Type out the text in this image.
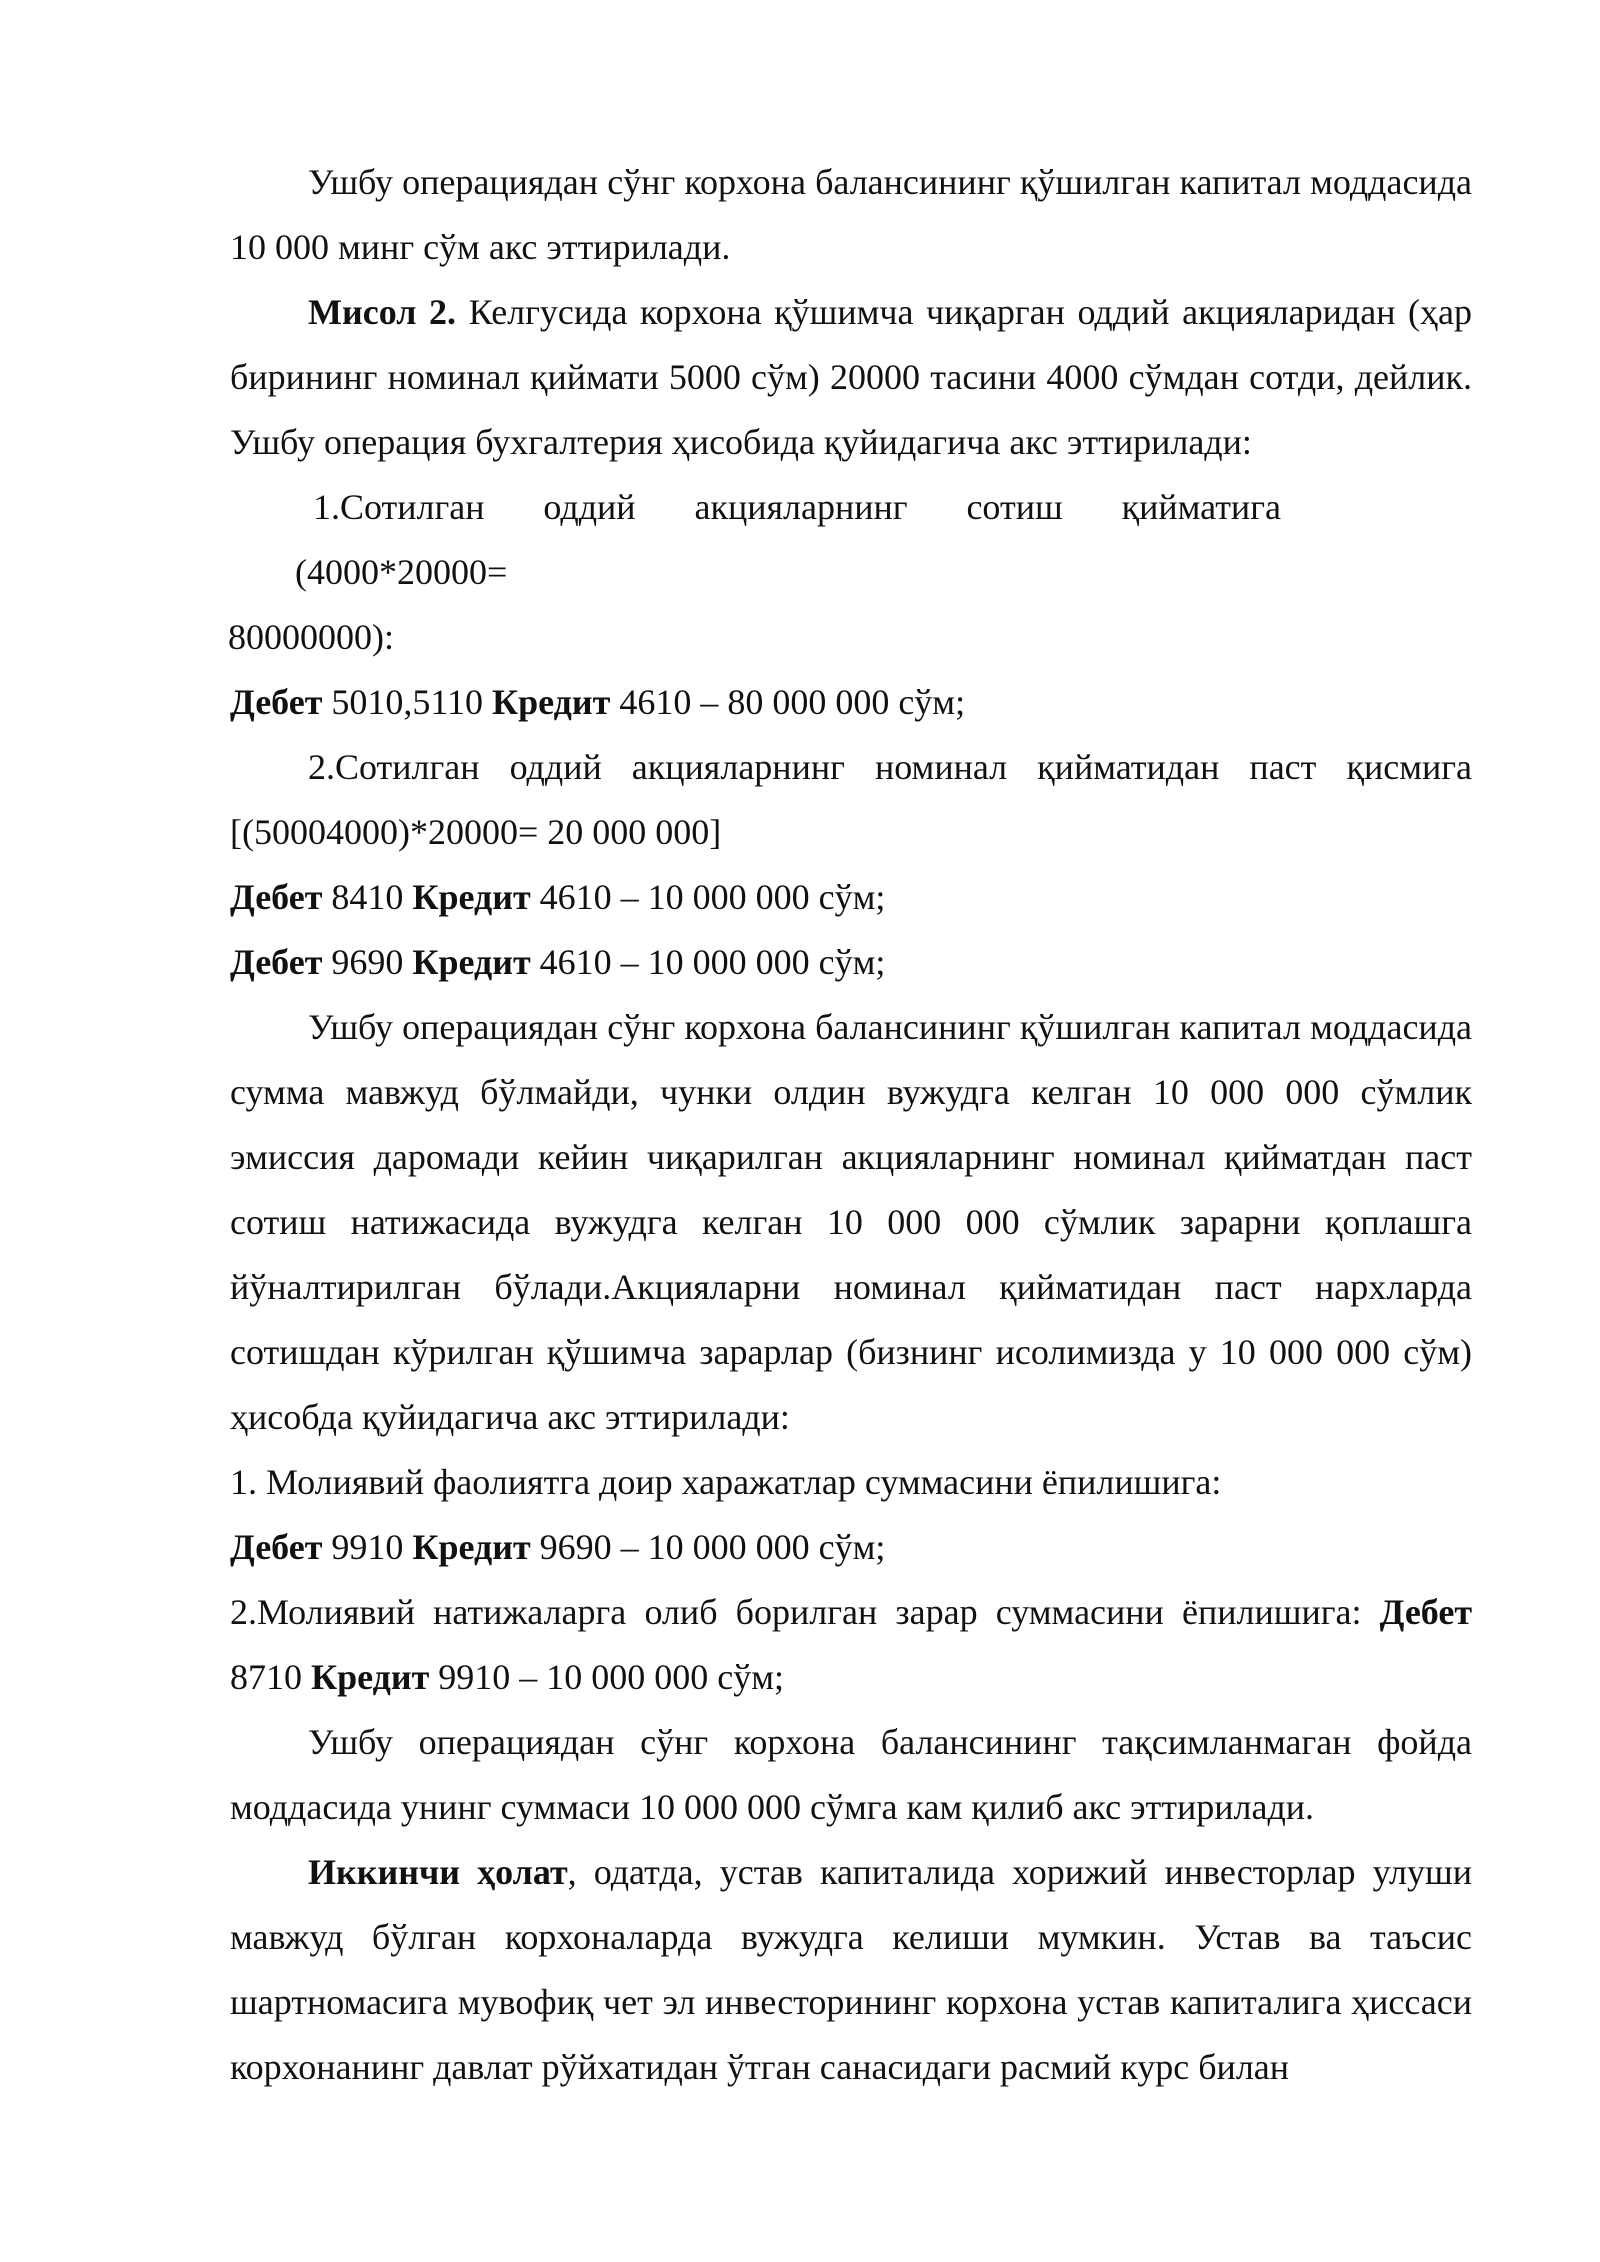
Ушбу операциядан сўнг корхона балансининг қўшилган капитал моддасида 10 000 минг сўм акс эттирилади.

Мисол 2. Келгусида корхона қўшимча чиқарган оддий акцияларидан (ҳар бирининг номинал қиймати 5000 сўм) 20000 тасини 4000 сўмдан сотди, дейлик. Ушбу операция бухгалтерия ҳисобида қуйидагича акс эттирилади:

1.Сотилган оддий акцияларнинг сотиш қийматига

(4000*20000=

80000000):

Дебет 5010,5110 Кредит 4610 – 80 000 000 сўм;

2.Сотилган оддий акцияларнинг номинал қийматидан паст қисмига [(50004000)*20000= 20 000 000]

Дебет 8410 Кредит 4610 – 10 000 000 сўм;

Дебет 9690 Кредит 4610 – 10 000 000 сўм;

Ушбу операциядан сўнг корхона балансининг қўшилган капитал моддасида сумма мавжуд бўлмайди, чунки олдин вужудга келган 10 000 000 сўмлик эмиссия даромади кейин чиқарилган акцияларнинг номинал қийматдан паст сотиш натижасида вужудга келган 10 000 000 сўмлик зарарни қоплашга йўналтирилган бўлади.Акцияларни номинал қийматидан паст нархларда сотишдан кўрилган қўшимча зарарлар (бизнинг исолимизда у 10 000 000 сўм) ҳисобда қуйидагича акс эттирилади:

1. Молиявий фаолиятга доир харажатлар суммасини ёпилишига:

Дебет 9910 Кредит 9690 – 10 000 000 сўм;

2.Молиявий натижаларга олиб борилган зарар суммасини ёпилишига: Дебет 8710 Кредит 9910 – 10 000 000 сўм;

Ушбу операциядан сўнг корхона балансининг тақсимланмаган фойда моддасида унинг суммаси 10 000 000 сўмга кам қилиб акс эттирилади.

Иккинчи ҳолат, одатда, устав капиталида хорижий инвесторлар улуши мавжуд бўлган корхоналарда вужудга келиши мумкин. Устав ва таъсис шартномасига мувофиқ чет эл инвесторининг корхона устав капиталига ҳиссаси корхонанинг давлат рўйхатидан ўтган санасидаги расмий курс билан
